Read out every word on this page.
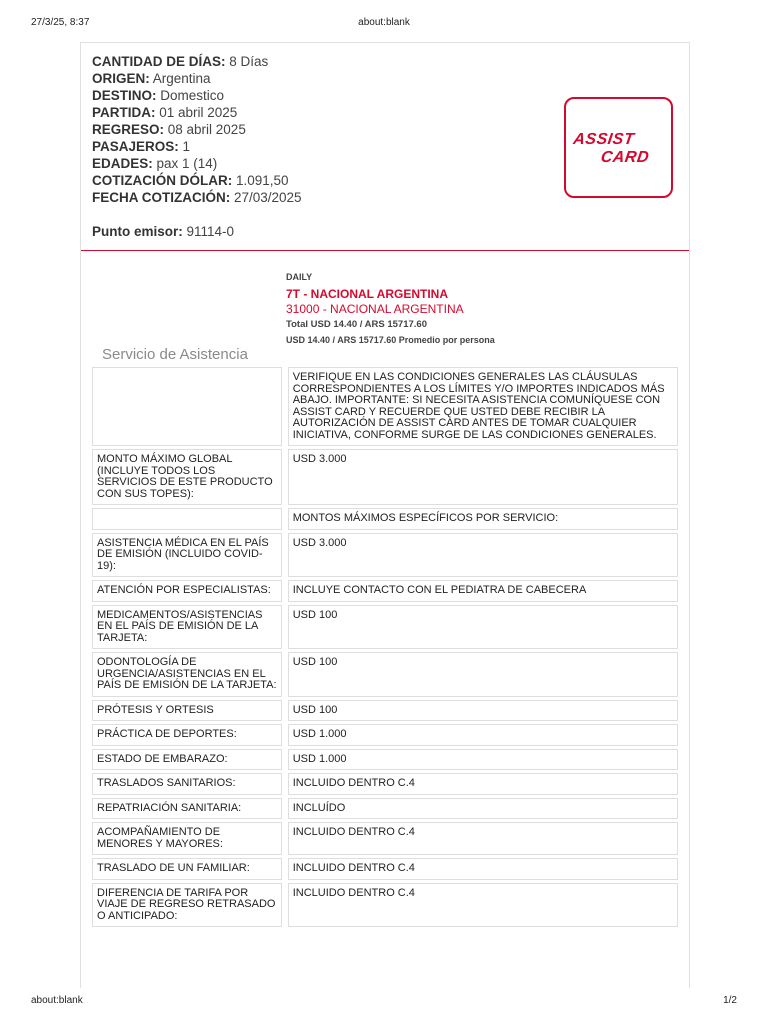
27/3/25, 8:37	about:blank
CANTIDAD DE DÍAS: 8 Días
ORIGEN: Argentina
DESTINO: Domestico
PARTIDA: 01 abril 2025
REGRESO: 08 abril 2025
PASAJEROS: 1
EDADES: pax 1 (14)
COTIZACIÓN DÓLAR: 1.091,50
FECHA COTIZACIÓN: 27/03/2025
Punto emisor: 91114-0
ASSIST
CARD
DAILY
7T - NACIONAL ARGENTINA
31000 - NACIONAL ARGENTINA
Total USD 14.40 / ARS 15717.60
USD 14.40 / ARS 15717.60 Promedio por persona
Servicio de Asistencia
	VERIFIQUE EN LAS CONDICIONES GENERALES LAS CLÁUSULAS CORRESPONDIENTES A LOS LÍMITES Y/O IMPORTES INDICADOS MÁS ABAJO. IMPORTANTE: SI NECESITA ASISTENCIA COMUNÍQUESE CON ASSIST CARD Y RECUERDE QUE USTED DEBE RECIBIR LA AUTORIZACIÓN DE ASSIST CARD ANTES DE TOMAR CUALQUIER INICIATIVA, CONFORME SURGE DE LAS CONDICIONES GENERALES.
MONTO MÁXIMO GLOBAL (INCLUYE TODOS LOS SERVICIOS DE ESTE PRODUCTO CON SUS TOPES):	USD 3.000
	MONTOS MÁXIMOS ESPECÍFICOS POR SERVICIO:
ASISTENCIA MÉDICA EN EL PAÍS DE EMISIÓN (INCLUIDO COVID-19):	USD 3.000
ATENCIÓN POR ESPECIALISTAS:	INCLUYE CONTACTO CON EL PEDIATRA DE CABECERA
MEDICAMENTOS/ASISTENCIAS EN EL PAÍS DE EMISIÓN DE LA TARJETA:	USD 100
ODONTOLOGÍA DE URGENCIA/ASISTENCIAS EN EL PAÍS DE EMISIÓN DE LA TARJETA:	USD 100
PRÓTESIS Y ORTESIS	USD 100
PRÁCTICA DE DEPORTES:	USD 1.000
ESTADO DE EMBARAZO:	USD 1.000
TRASLADOS SANITARIOS:	INCLUIDO DENTRO C.4
REPATRIACIÓN SANITARIA:	INCLUÍDO
ACOMPAÑAMIENTO DE MENORES Y MAYORES:	INCLUIDO DENTRO C.4
TRASLADO DE UN FAMILIAR:	INCLUIDO DENTRO C.4
DIFERENCIA DE TARIFA POR VIAJE DE REGRESO RETRASADO O ANTICIPADO:	INCLUIDO DENTRO C.4
about:blank	1/2
